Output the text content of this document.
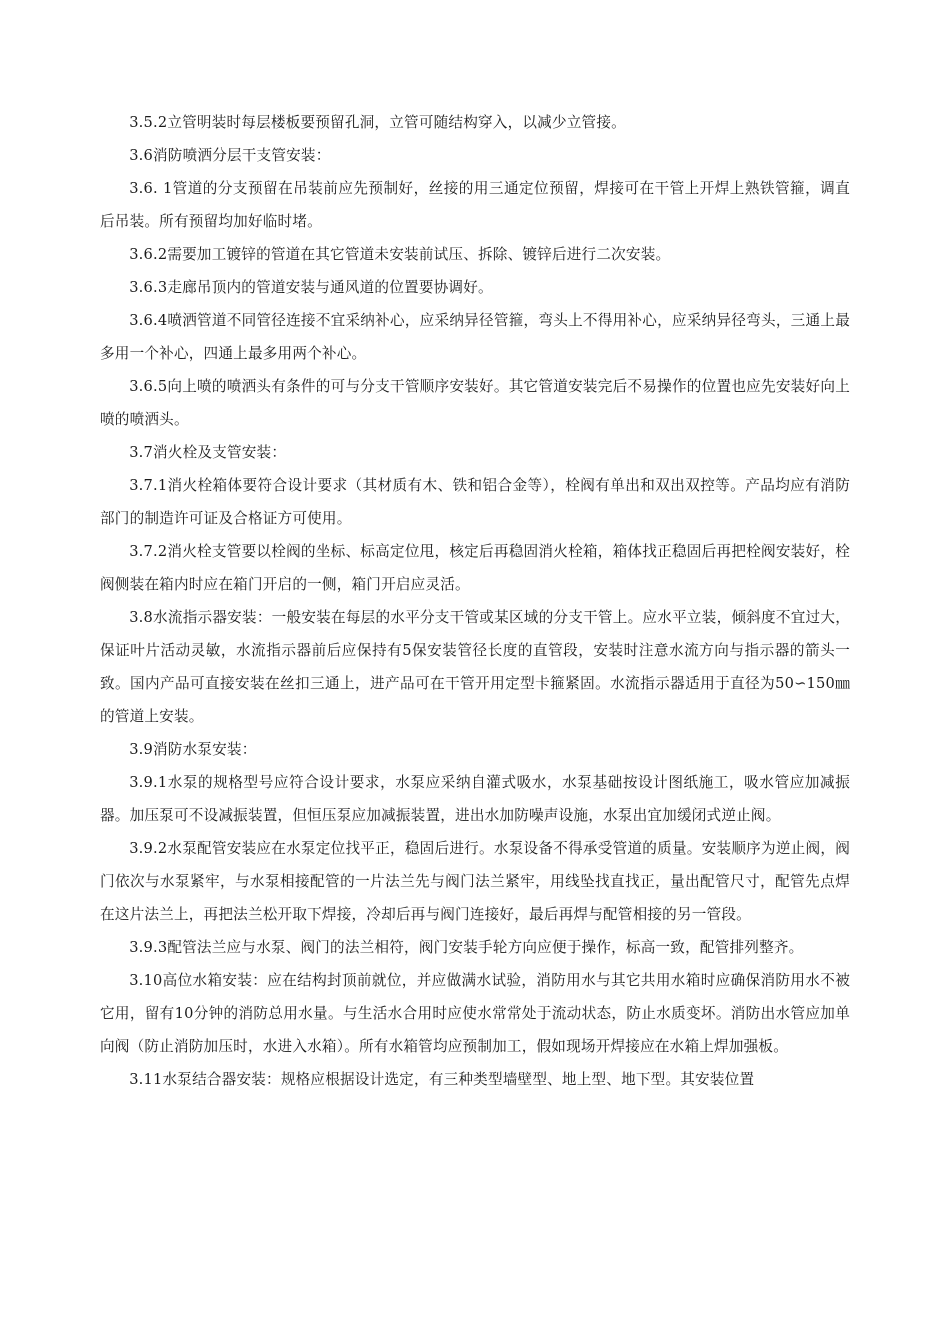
3.5.2立管明装时每层楼板要预留孔洞，立管可随结构穿入，以减少立管接。

3.6消防喷洒分层干支管安装：

3.6. 1管道的分支预留在吊装前应先预制好，丝接的用三通定位预留，焊接可在干管上开焊上熟铁管箍，调直后吊装。所有预留均加好临时堵。

3.6.2需要加工镀锌的管道在其它管道未安装前试压、拆除、镀锌后进行二次安装。

3.6.3走廊吊顶内的管道安装与通风道的位置要协调好。

3.6.4喷洒管道不同管径连接不宜采纳补心，应采纳异径管箍，弯头上不得用补心，应采纳异径弯头，三通上最多用一个补心，四通上最多用两个补心。

3.6.5向上喷的喷洒头有条件的可与分支干管顺序安装好。其它管道安装完后不易操作的位置也应先安装好向上喷的喷洒头。

3.7消火栓及支管安装：

3.7.1消火栓箱体要符合设计要求（其材质有木、铁和铝合金等），栓阀有单出和双出双控等。产品均应有消防部门的制造许可证及合格证方可使用。

3.7.2消火栓支管要以栓阀的坐标、标高定位甩，核定后再稳固消火栓箱，箱体找正稳固后再把栓阀安装好，栓阀侧装在箱内时应在箱门开启的一侧，箱门开启应灵活。

3.8水流指示器安装：一般安装在每层的水平分支干管或某区域的分支干管上。应水平立装，倾斜度不宜过大，保证叶片活动灵敏，水流指示器前后应保持有5保安装管径长度的直管段，安装时注意水流方向与指示器的箭头一致。国内产品可直接安装在丝扣三通上，进产品可在干管开用定型卡箍紧固。水流指示器适用于直径为50∽150㎜的管道上安装。

3.9消防水泵安装：

3.9.1水泵的规格型号应符合设计要求，水泵应采纳自灌式吸水，水泵基础按设计图纸施工，吸水管应加减振器。加压泵可不设减振装置，但恒压泵应加减振装置，进出水加防噪声设施，水泵出宜加缓闭式逆止阀。

3.9.2水泵配管安装应在水泵定位找平正，稳固后进行。水泵设备不得承受管道的质量。安装顺序为逆止阀，阀门依次与水泵紧牢，与水泵相接配管的一片法兰先与阀门法兰紧牢，用线坠找直找正，量出配管尺寸，配管先点焊在这片法兰上，再把法兰松开取下焊接，冷却后再与阀门连接好，最后再焊与配管相接的另一管段。

3.9.3配管法兰应与水泵、阀门的法兰相符，阀门安装手轮方向应便于操作，标高一致，配管排列整齐。

3.10高位水箱安装：应在结构封顶前就位，并应做满水试验，消防用水与其它共用水箱时应确保消防用水不被它用，留有10分钟的消防总用水量。与生活水合用时应使水常常处于流动状态，防止水质变坏。消防出水管应加单向阀（防止消防加压时，水进入水箱）。所有水箱管均应预制加工，假如现场开焊接应在水箱上焊加强板。

3.11水泵结合器安装：规格应根据设计选定，有三种类型墙壁型、地上型、地下型。其安装位置
